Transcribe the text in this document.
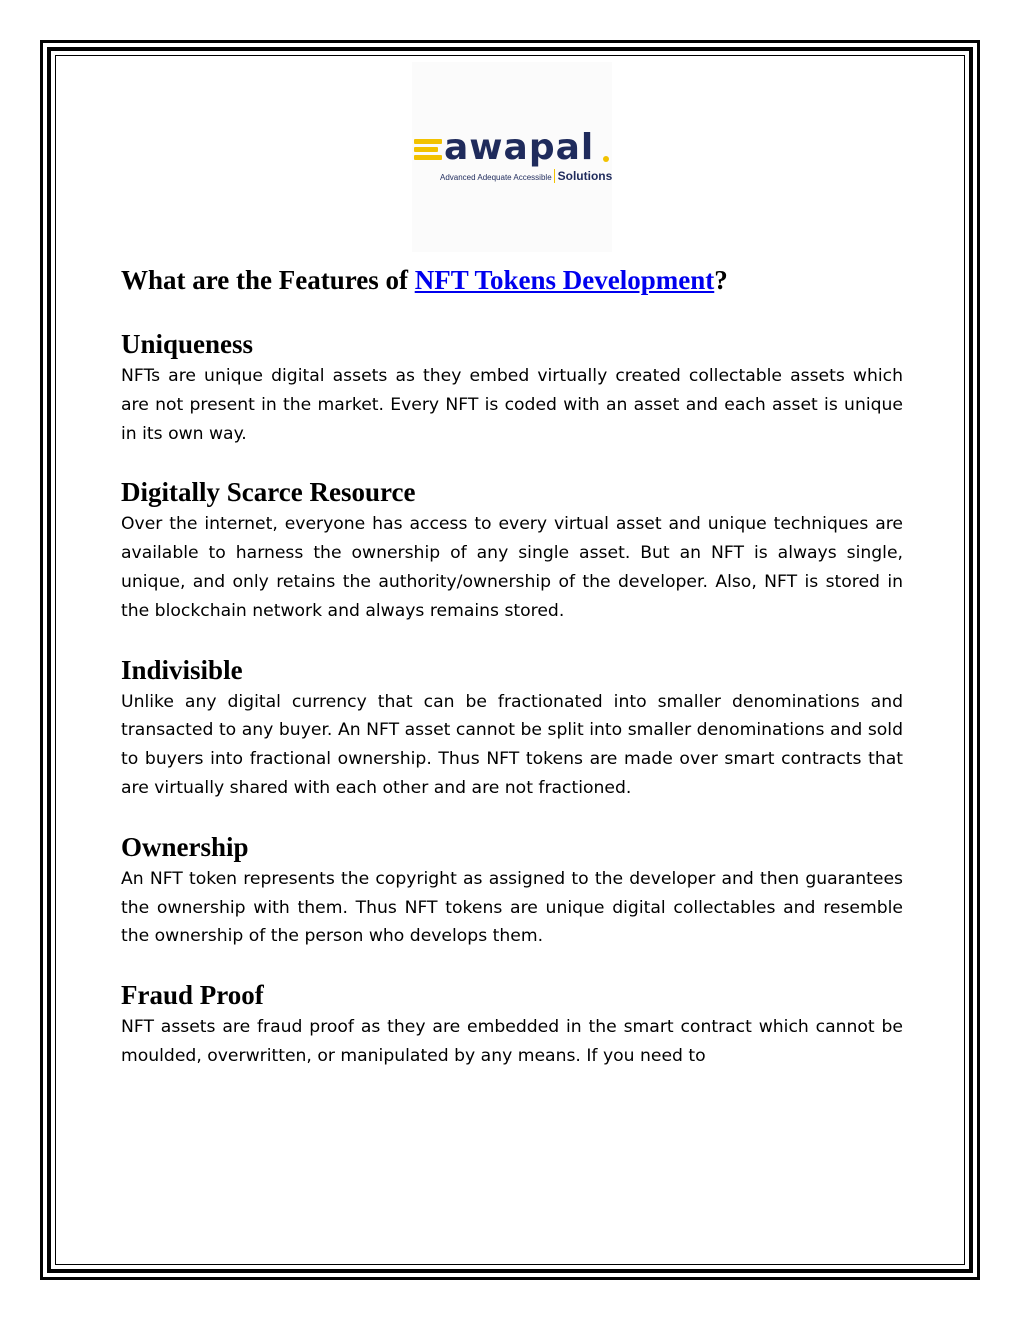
awapal
Advanced Adequate Accessible Solutions
What are the Features of NFT Tokens Development?
Uniqueness

NFTs are unique digital assets as they embed virtually created collectable assets which are not present in the market. Every NFT is coded with an asset and each asset is unique in its own way.

Digitally Scarce Resource

Over the internet, everyone has access to every virtual asset and unique techniques are available to harness the ownership of any single asset. But an NFT is always single, unique, and only retains the authority/ownership of the developer. Also, NFT is stored in the blockchain network and always remains stored.

Indivisible

Unlike any digital currency that can be fractionated into smaller denominations and transacted to any buyer. An NFT asset cannot be split into smaller denominations and sold to buyers into fractional ownership. Thus NFT tokens are made over smart contracts that are virtually shared with each other and are not fractioned.

Ownership

An NFT token represents the copyright as assigned to the developer and then guarantees the ownership with them. Thus NFT tokens are unique digital collectables and resemble the ownership of the person who develops them.

Fraud Proof

NFT assets are fraud proof as they are embedded in the smart contract which cannot be moulded, overwritten, or manipulated by any means. If you need to
